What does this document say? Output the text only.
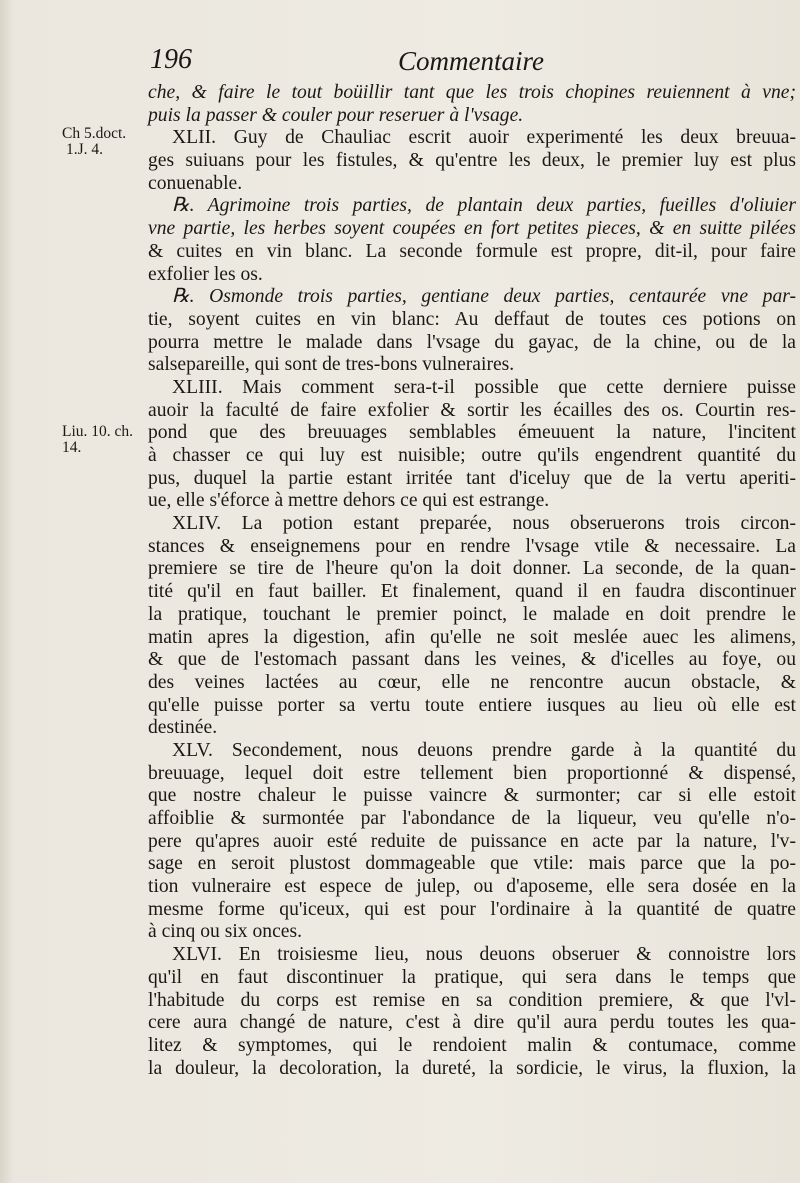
196	Commentaire
Ch 5.doct.
1.J. 4.
Liu. 10. ch.
14.
che, & faire le tout boüillir tant que les trois chopines reuiennent à vne;
puis la passer & couler pour reseruer à l'vsage.
XLII. Guy de Chauliac escrit auoir experimenté les deux breuua-
ges suiuans pour les fistules, & qu'entre les deux, le premier luy est plus
conuenable.
℞. Agrimoine trois parties, de plantain deux parties, fueilles d'oliuier
vne partie, les herbes soyent coupées en fort petites pieces, & en suitte pilées
& cuites en vin blanc. La seconde formule est propre, dit-il, pour faire
exfolier les os.
℞. Osmonde trois parties, gentiane deux parties, centaurée vne par-
tie, soyent cuites en vin blanc: Au deffaut de toutes ces potions on
pourra mettre le malade dans l'vsage du gayac, de la chine, ou de la
salsepareille, qui sont de tres-bons vulneraires.
XLIII. Mais comment sera-t-il possible que cette derniere puisse
auoir la faculté de faire exfolier & sortir les écailles des os. Courtin res-
pond que des breuuages semblables émeuuent la nature, l'incitent
à chasser ce qui luy est nuisible; outre qu'ils engendrent quantité du
pus, duquel la partie estant irritée tant d'iceluy que de la vertu aperiti-
ue, elle s'éforce à mettre dehors ce qui est estrange.
XLIV. La potion estant preparée, nous obseruerons trois circon-
stances & enseignemens pour en rendre l'vsage vtile & necessaire. La
premiere se tire de l'heure qu'on la doit donner. La seconde, de la quan-
tité qu'il en faut bailler. Et finalement, quand il en faudra discontinuer
la pratique, touchant le premier poinct, le malade en doit prendre le
matin apres la digestion, afin qu'elle ne soit meslée auec les alimens,
& que de l'estomach passant dans les veines, & d'icelles au foye, ou
des veines lactées au cœur, elle ne rencontre aucun obstacle, &
qu'elle puisse porter sa vertu toute entiere iusques au lieu où elle est
destinée.
XLV. Secondement, nous deuons prendre garde à la quantité du
breuuage, lequel doit estre tellement bien proportionné & dispensé,
que nostre chaleur le puisse vaincre & surmonter; car si elle estoit
affoiblie & surmontée par l'abondance de la liqueur, veu qu'elle n'o-
pere qu'apres auoir esté reduite de puissance en acte par la nature, l'v-
sage en seroit plustost dommageable que vtile: mais parce que la po-
tion vulneraire est espece de julep, ou d'aposeme, elle sera dosée en la
mesme forme qu'iceux, qui est pour l'ordinaire à la quantité de quatre
à cinq ou six onces.
XLVI. En troisiesme lieu, nous deuons obseruer & connoistre lors
qu'il en faut discontinuer la pratique, qui sera dans le temps que
l'habitude du corps est remise en sa condition premiere, & que l'vl-
cere aura changé de nature, c'est à dire qu'il aura perdu toutes les qua-
litez & symptomes, qui le rendoient malin & contumace, comme
la douleur, la decoloration, la dureté, la sordicie, le virus, la fluxion, la
